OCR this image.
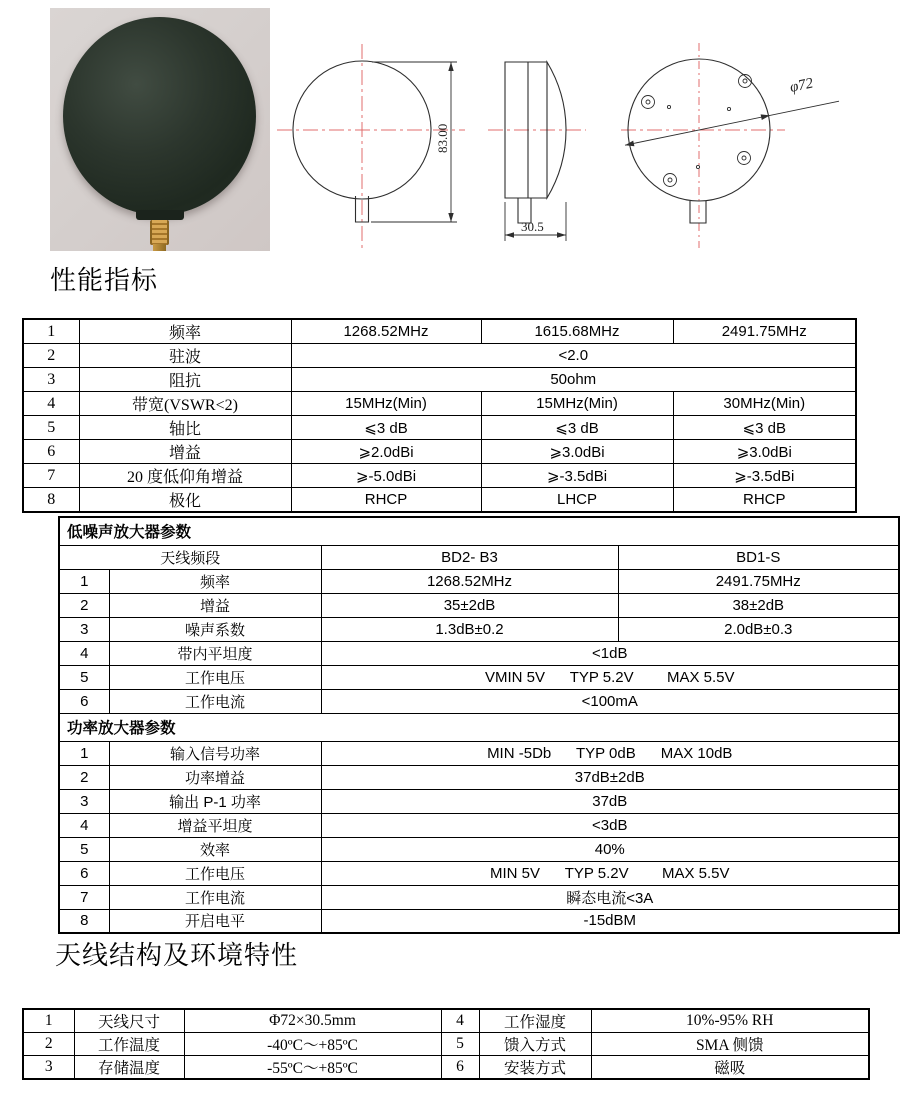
83.00
30.5
φ72
性能指标
1	频率	1268.52MHz	1615.68MHz	2491.75MHz
2	驻波	<2.0		
3	阻抗	50ohm		
4	带宽(VSWR<2)	15MHz(Min)	15MHz(Min)	30MHz(Min)
5	轴比	⩽3 dB	⩽3 dB	⩽3 dB
6	增益	⩾2.0dBi	⩾3.0dBi	⩾3.0dBi
7	20 度低仰角增益	⩾-5.0dBi	⩾-3.5dBi	⩾-3.5dBi
8	极化	RHCP	LHCP	RHCP
低噪声放大器参数			
天线频段		BD2- B3	BD1-S
1	频率	1268.52MHz	2491.75MHz
2	增益	35±2dB	38±2dB
3	噪声系数	1.3dB±0.2	2.0dB±0.3
4	带内平坦度	<1dB	
5	工作电压	VMIN 5V      TYP 5.2V        MAX 5.5V	
6	工作电流	<100mA	
功率放大器参数			
1	输入信号功率	MIN -5Db      TYP 0dB      MAX 10dB	
2	功率增益	37dB±2dB	
3	输出 P-1 功率	37dB	
4	增益平坦度	<3dB	
5	效率	40%	
6	工作电压	MIN 5V      TYP 5.2V        MAX 5.5V	
7	工作电流	瞬态电流<3A	
8	开启电平	-15dBM	
天线结构及环境特性
1	天线尺寸	Φ72×30.5mm	4	工作湿度	10%-95% RH
2	工作温度	-40ºC～+85ºC	5	馈入方式	SMA 侧馈
3	存储温度	-55ºC～+85ºC	6	安装方式	磁吸
